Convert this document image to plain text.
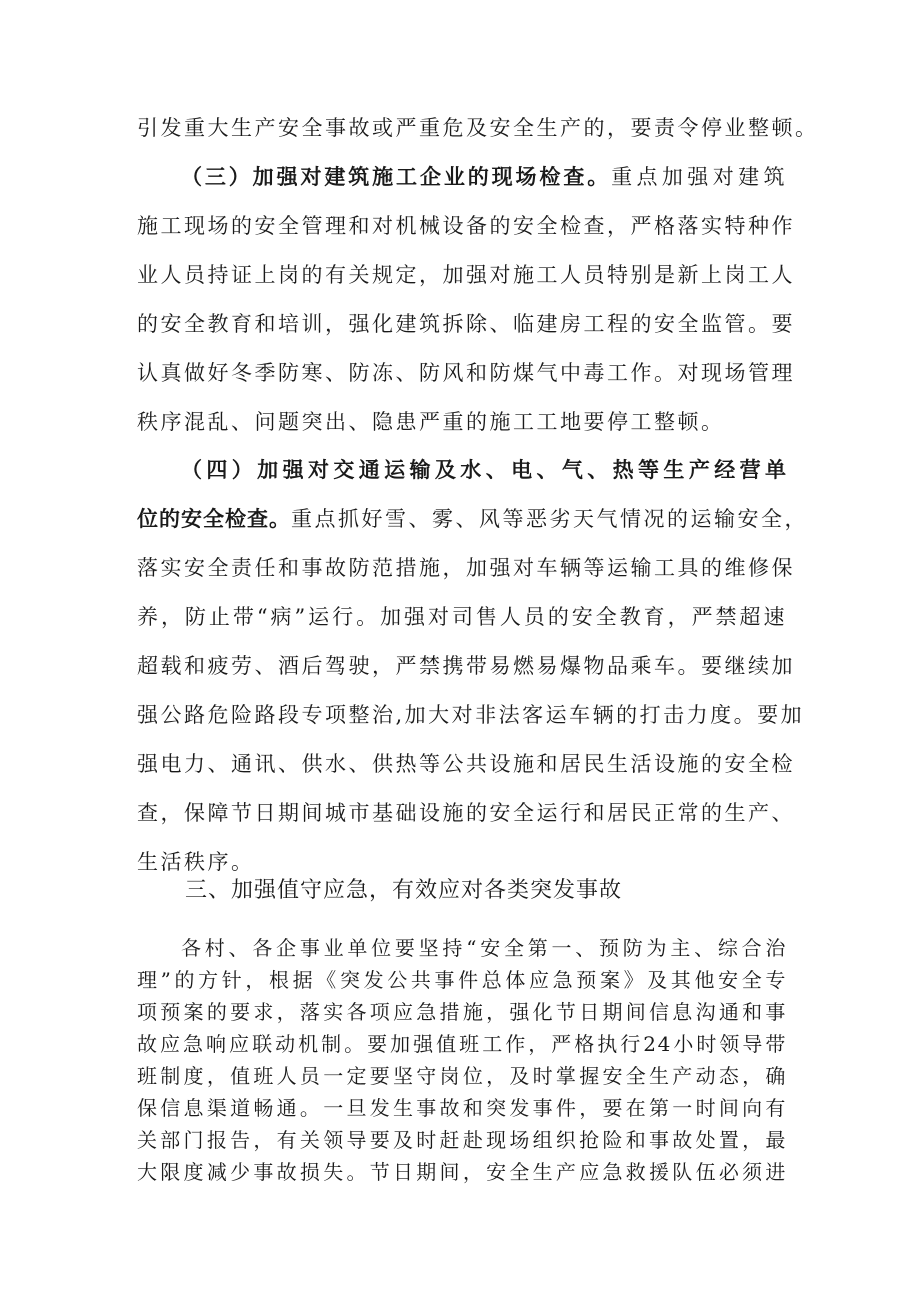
引发重大生产安全事故或严重危及安全生产的，要责令停业整顿。
（三）加强对建筑施工企业的现场检查。重点加强对建筑
施工现场的安全管理和对机械设备的安全检查，严格落实特种作
业人员持证上岗的有关规定，加强对施工人员特别是新上岗工人
的安全教育和培训，强化建筑拆除、临建房工程的安全监管。要
认真做好冬季防寒、防冻、防风和防煤气中毒工作。对现场管理
秩序混乱、问题突出、隐患严重的施工工地要停工整顿。
（四）加强对交通运输及水、电、气、热等生产经营单
位的安全检查。重点抓好雪、雾、风等恶劣天气情况的运输安全，
落实安全责任和事故防范措施，加强对车辆等运输工具的维修保
养，防止带“病”运行。加强对司售人员的安全教育，严禁超速
超载和疲劳、酒后驾驶，严禁携带易燃易爆物品乘车。要继续加
强公路危险路段专项整治,加大对非法客运车辆的打击力度。要加
强电力、通讯、供水、供热等公共设施和居民生活设施的安全检
查，保障节日期间城市基础设施的安全运行和居民正常的生产、
生活秩序。
三、加强值守应急，有效应对各类突发事故
各村、各企事业单位要坚持“安全第一、预防为主、综合治
理”的方针，根据《突发公共事件总体应急预案》及其他安全专
项预案的要求，落实各项应急措施，强化节日期间信息沟通和事
故应急响应联动机制。要加强值班工作，严格执行24小时领导带
班制度，值班人员一定要坚守岗位，及时掌握安全生产动态，确
保信息渠道畅通。一旦发生事故和突发事件，要在第一时间向有
关部门报告，有关领导要及时赶赴现场组织抢险和事故处置，最
大限度减少事故损失。节日期间，安全生产应急救援队伍必须进
